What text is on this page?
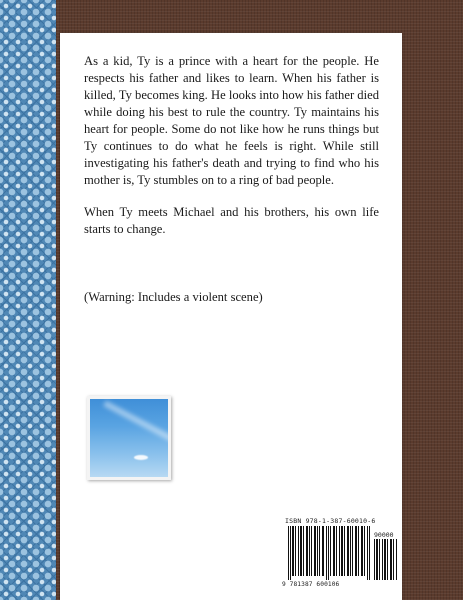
As a kid, Ty is a prince with a heart for the people. He respects his father and likes to learn. When his father is killed, Ty becomes king. He looks into how his father died while doing his best to rule the country. Ty maintains his heart for people. Some do not like how he runs things but Ty continues to do what he feels is right. While still investigating his father's death and trying to find who his mother is, Ty stumbles on to a ring of bad people.

When Ty meets Michael and his brothers, his own life starts to change.

(Warning: Includes a violent scene)
ISBN 978-1-387-60010-6
90000
9 781387 600106
